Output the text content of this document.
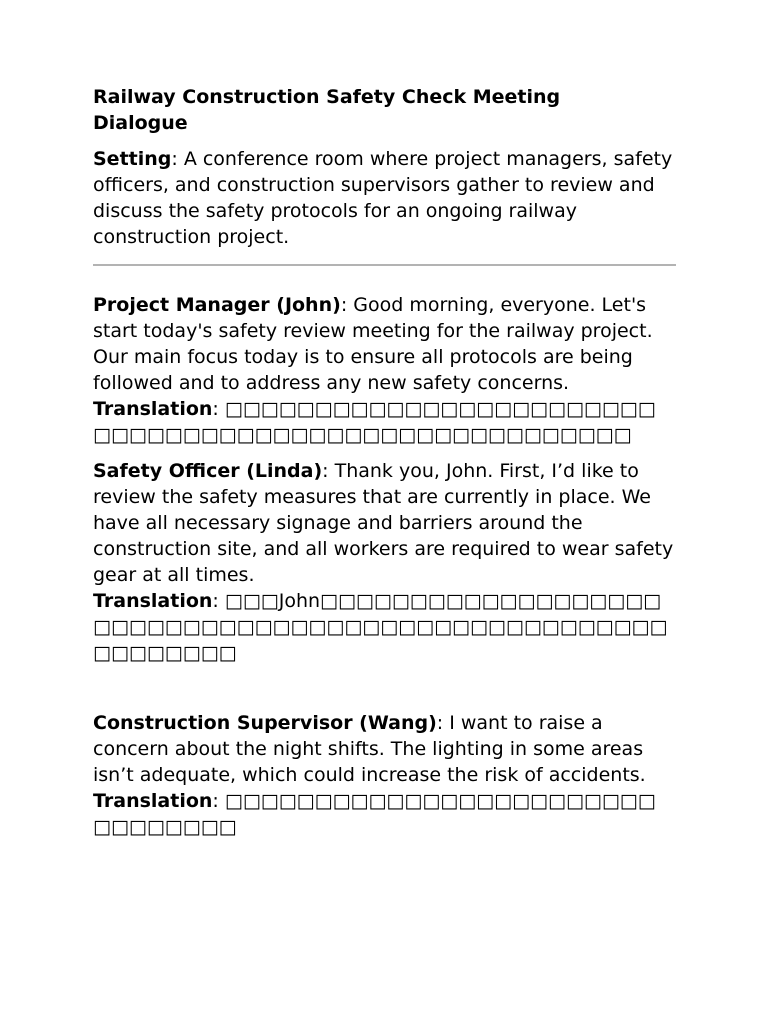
Railway Construction Safety Check Meeting Dialogue

Setting: A conference room where project managers, safety officers, and construction supervisors gather to review and discuss the safety protocols for an ongoing railway construction project.

Project Manager (John): Good morning, everyone. Let's start today's safety review meeting for the railway project. Our main focus today is to ensure all protocols are being followed and to address any new safety concerns.

Translation: □□□□□□□□□□□□□□□□□□□□□□□□□□□□□□□□□□□□□□□□□□□□□□□□□□□□□□

Safety Officer (Linda): Thank you, John. First, I’d like to review the safety measures that are currently in place. We have all necessary signage and barriers around the construction site, and all workers are required to wear safety gear at all times.

Translation: □□□John□□□□□□□□□□□□□□□□□□□□□□□□□□□□□□□□□□□□□□□□□□□□□□□□□□□□□□□□□□□

Construction Supervisor (Wang): I want to raise a concern about the night shifts. The lighting in some areas isn’t adequate, which could increase the risk of accidents.

Translation: □□□□□□□□□□□□□□□□□□□□□□□□□□□□□□□□
